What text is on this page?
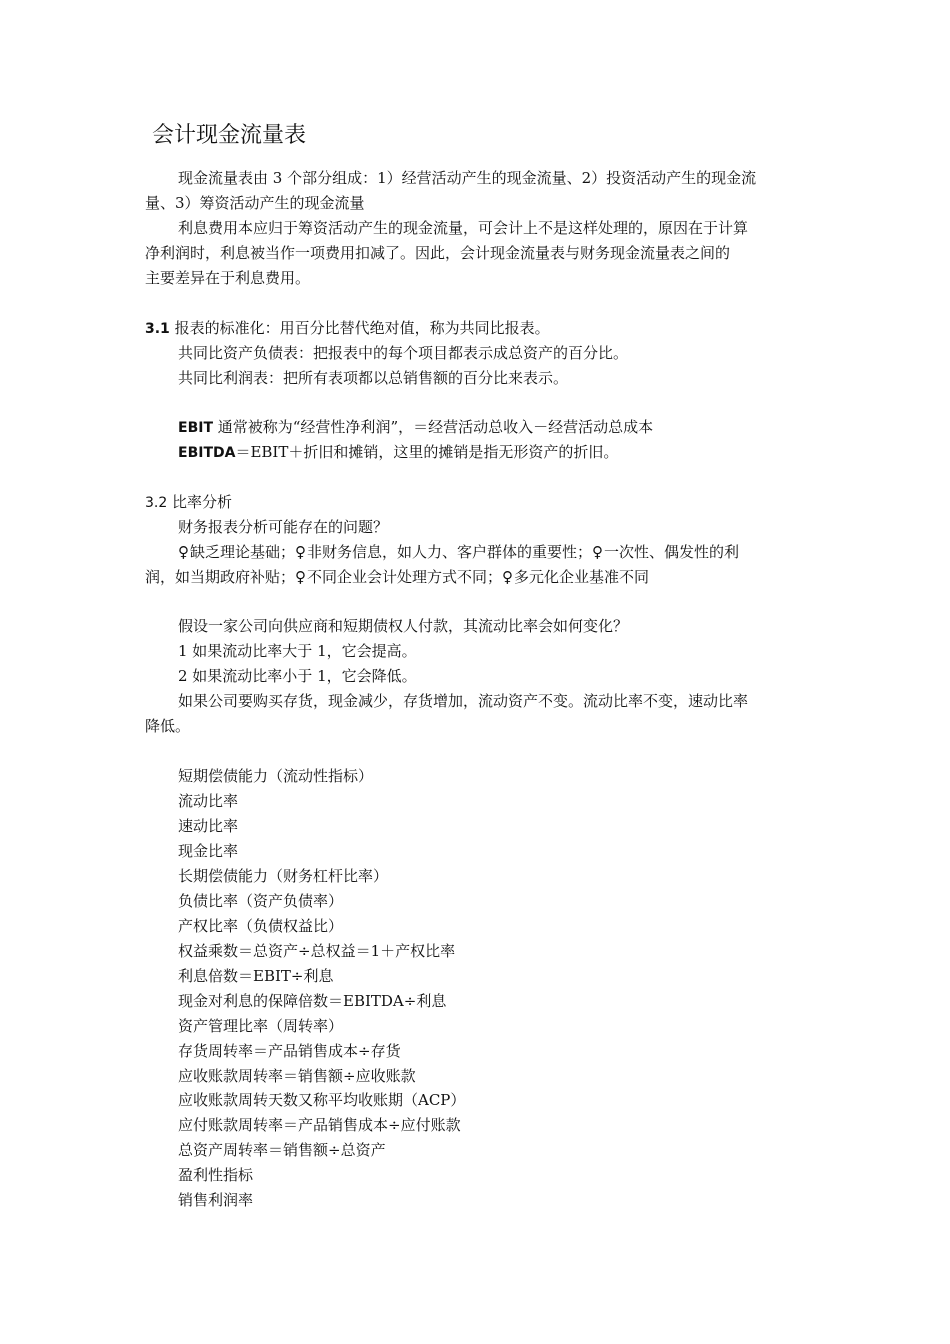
会计现金流量表
现金流量表由 3 个部分组成：1）经营活动产生的现金流量、2）投资活动产生的现金流
量、3）筹资活动产生的现金流量
利息费用本应归于筹资活动产生的现金流量，可会计上不是这样处理的，原因在于计算
净利润时，利息被当作一项费用扣减了。因此，会计现金流量表与财务现金流量表之间的
主要差异在于利息费用。
3.1 报表的标准化：用百分比替代绝对值，称为共同比报表。
共同比资产负债表：把报表中的每个项目都表示成总资产的百分比。
共同比利润表：把所有表项都以总销售额的百分比来表示。
EBIT 通常被称为“经营性净利润”，＝经营活动总收入－经营活动总成本
EBITDA＝EBIT＋折旧和摊销，这里的摊销是指无形资产的折旧。
3.2 比率分析
财务报表分析可能存在的问题？
♀缺乏理论基础；♀非财务信息，如人力、客户群体的重要性；♀一次性、偶发性的利
润，如当期政府补贴；♀不同企业会计处理方式不同；♀多元化企业基准不同
假设一家公司向供应商和短期债权人付款，其流动比率会如何变化？
1 如果流动比率大于 1，它会提高。
2 如果流动比率小于 1，它会降低。
如果公司要购买存货，现金减少，存货增加，流动资产不变。流动比率不变，速动比率
降低。
短期偿债能力（流动性指标）
流动比率
速动比率
现金比率
长期偿债能力（财务杠杆比率）
负债比率（资产负债率）
产权比率（负债权益比）
权益乘数＝总资产÷总权益＝1＋产权比率
利息倍数＝EBIT÷利息
现金对利息的保障倍数＝EBITDA÷利息
资产管理比率（周转率）
存货周转率＝产品销售成本÷存货
应收账款周转率＝销售额÷应收账款
应收账款周转天数又称平均收账期（ACP）
应付账款周转率＝产品销售成本÷应付账款
总资产周转率＝销售额÷总资产
盈利性指标
销售利润率
